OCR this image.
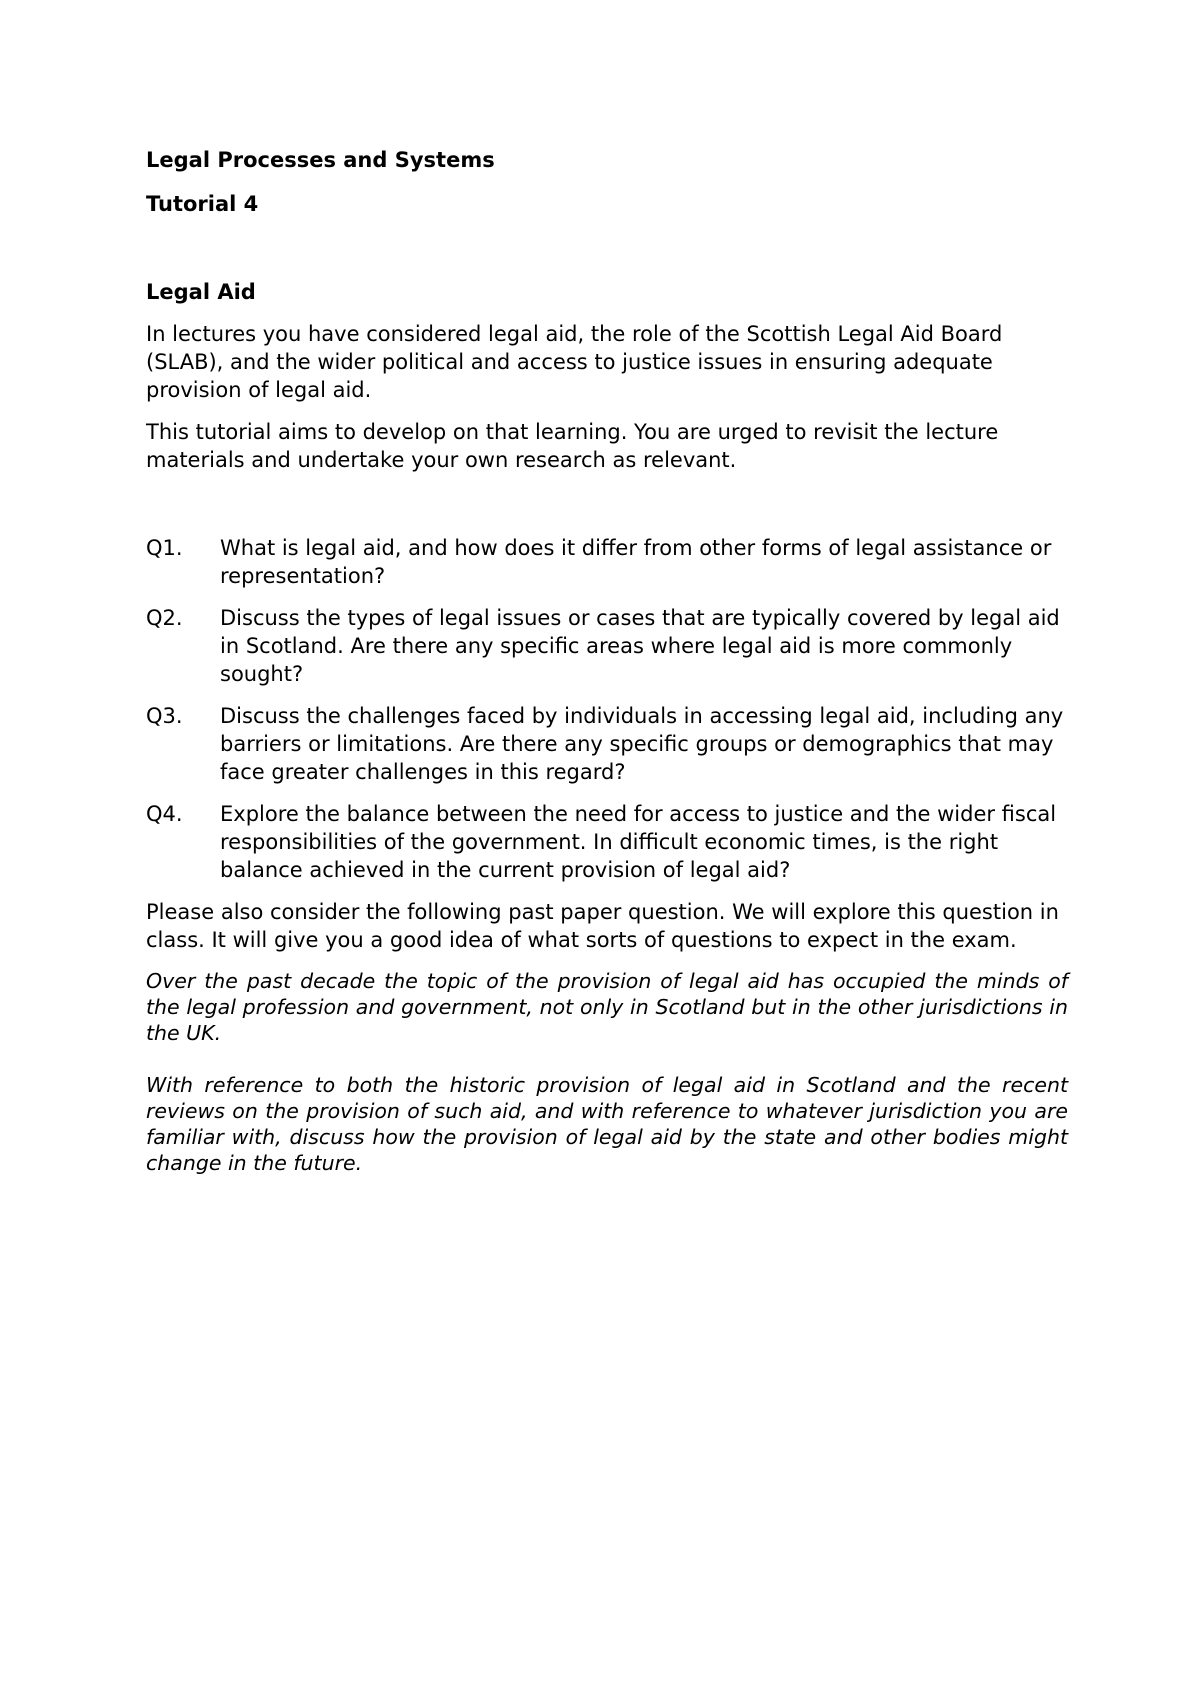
Legal Processes and Systems

Tutorial 4

Legal Aid

In lectures you have considered legal aid, the role of the Scottish Legal Aid Board (SLAB), and the wider political and access to justice issues in ensuring adequate provision of legal aid.

This tutorial aims to develop on that learning. You are urged to revisit the lecture materials and undertake your own research as relevant.

Q1.	What is legal aid, and how does it differ from other forms of legal assistance or representation?
Q2.	Discuss the types of legal issues or cases that are typically covered by legal aid in Scotland. Are there any specific areas where legal aid is more commonly sought?
Q3.	Discuss the challenges faced by individuals in accessing legal aid, including any barriers or limitations. Are there any specific groups or demographics that may face greater challenges in this regard?
Q4.	Explore the balance between the need for access to justice and the wider fiscal responsibilities of the government. In difficult economic times, is the right balance achieved in the current provision of legal aid?

Please also consider the following past paper question. We will explore this question in class. It will give you a good idea of what sorts of questions to expect in the exam.

Over the past decade the topic of the provision of legal aid has occupied the minds of the legal profession and government, not only in Scotland but in the other jurisdictions in the UK.

With reference to both the historic provision of legal aid in Scotland and the recent reviews on the provision of such aid, and with reference to whatever jurisdiction you are familiar with, discuss how the provision of legal aid by the state and other bodies might change in the future.
